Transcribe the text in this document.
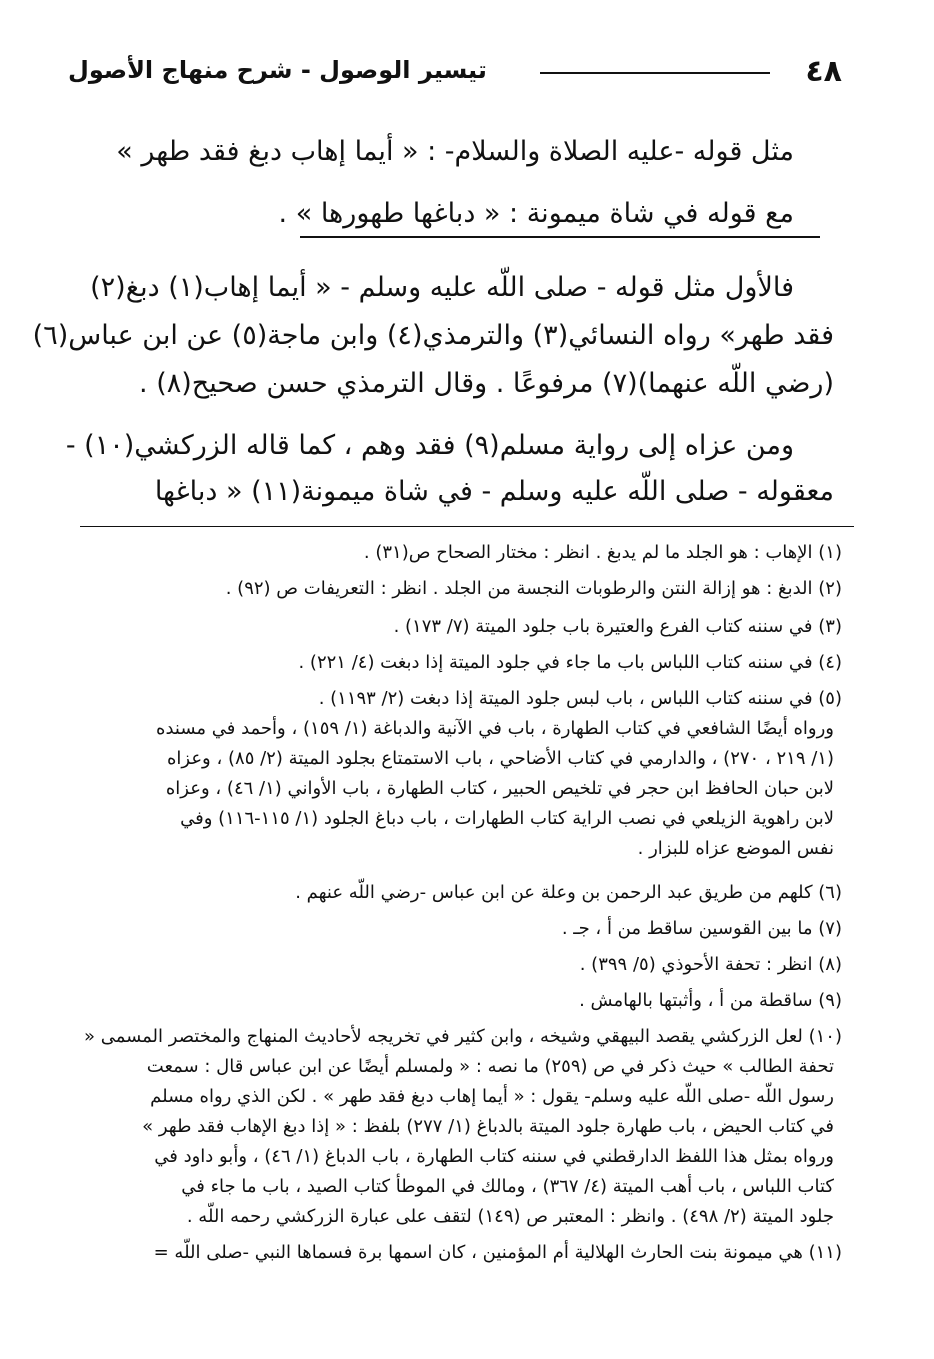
٤٨
تيسير الوصول - شرح منهاج الأصول
مثل قوله -عليه الصلاة والسلام- : « أيما إهاب دبغ فقد طهر »
مع قوله في شاة ميمونة : « دباغها طهورها » .
فالأول مثل قوله - صلى اللّه عليه وسلم - « أيما إهاب(١) دبغ(٢)
فقد طهر» رواه النسائي(٣) والترمذي(٤) وابن ماجة(٥) عن ابن عباس(٦)
(رضي اللّه عنهما)(٧) مرفوعًا . وقال الترمذي حسن صحيح(٨) .
ومن عزاه إلى رواية مسلم(٩) فقد وهم ، كما قاله الزركشي(١٠) -
معقوله - صلى اللّه عليه وسلم - في شاة ميمونة(١١) « دباغها
(١) الإهاب : هو الجلد ما لم يدبغ . انظر : مختار الصحاح ص(٣١) .
(٢) الدبغ : هو إزالة النتن والرطوبات النجسة من الجلد . انظر : التعريفات ص (٩٢) .
(٣) في سننه كتاب الفرع والعتيرة باب جلود الميتة (٧/ ١٧٣) .
(٤) في سننه كتاب اللباس باب ما جاء في جلود الميتة إذا دبغت (٤/ ٢٢١) .
(٥) في سننه كتاب اللباس ، باب لبس جلود الميتة إذا دبغت (٢/ ١١٩٣) .
ورواه أيضًا الشافعي في كتاب الطهارة ، باب في الآنية والدباغة (١/ ١٥٩) ، وأحمد في مسنده
(١/ ٢١٩ ، ٢٧٠) ، والدارمي في كتاب الأضاحي ، باب الاستمتاع بجلود الميتة (٢/ ٨٥) ، وعزاه
لابن حبان الحافظ ابن حجر في تلخيص الحبير ، كتاب الطهارة ، باب الأواني (١/ ٤٦) ، وعزاه
لابن راهوية الزيلعي في نصب الراية كتاب الطهارات ، باب دباغ الجلود (١/ ١١٥-١١٦) وفي
نفس الموضع عزاه للبزار .
(٦) كلهم من طريق عبد الرحمن بن وعلة عن ابن عباس -رضي اللّه عنهم .
(٧) ما بين القوسين ساقط من أ ، جـ .
(٨) انظر : تحفة الأحوذي (٥/ ٣٩٩) .
(٩) ساقطة من أ ، وأثبتها بالهامش .
(١٠) لعل الزركشي يقصد البيهقي وشيخه ، وابن كثير في تخريجه لأحاديث المنهاج والمختصر المسمى «
تحفة الطالب » حيث ذكر في ص (٢٥٩) ما نصه : « ولمسلم أيضًا عن ابن عباس قال : سمعت
رسول اللّه -صلى اللّه عليه وسلم- يقول : « أيما إهاب دبغ فقد طهر » . لكن الذي رواه مسلم
في كتاب الحيض ، باب طهارة جلود الميتة بالدباغ (١/ ٢٧٧) بلفظ : « إذا دبغ الإهاب فقد طهر »
ورواه بمثل هذا اللفظ الدارقطني في سننه كتاب الطهارة ، باب الدباغ (١/ ٤٦) ، وأبو داود في
كتاب اللباس ، باب أهب الميتة (٤/ ٣٦٧) ، ومالك في الموطأ كتاب الصيد ، باب ما جاء في
جلود الميتة (٢/ ٤٩٨) . وانظر : المعتبر ص (١٤٩) لتقف على عبارة الزركشي رحمه اللّه .
(١١) هي ميمونة بنت الحارث الهلالية أم المؤمنين ، كان اسمها برة فسماها النبي -صلى اللّه =
